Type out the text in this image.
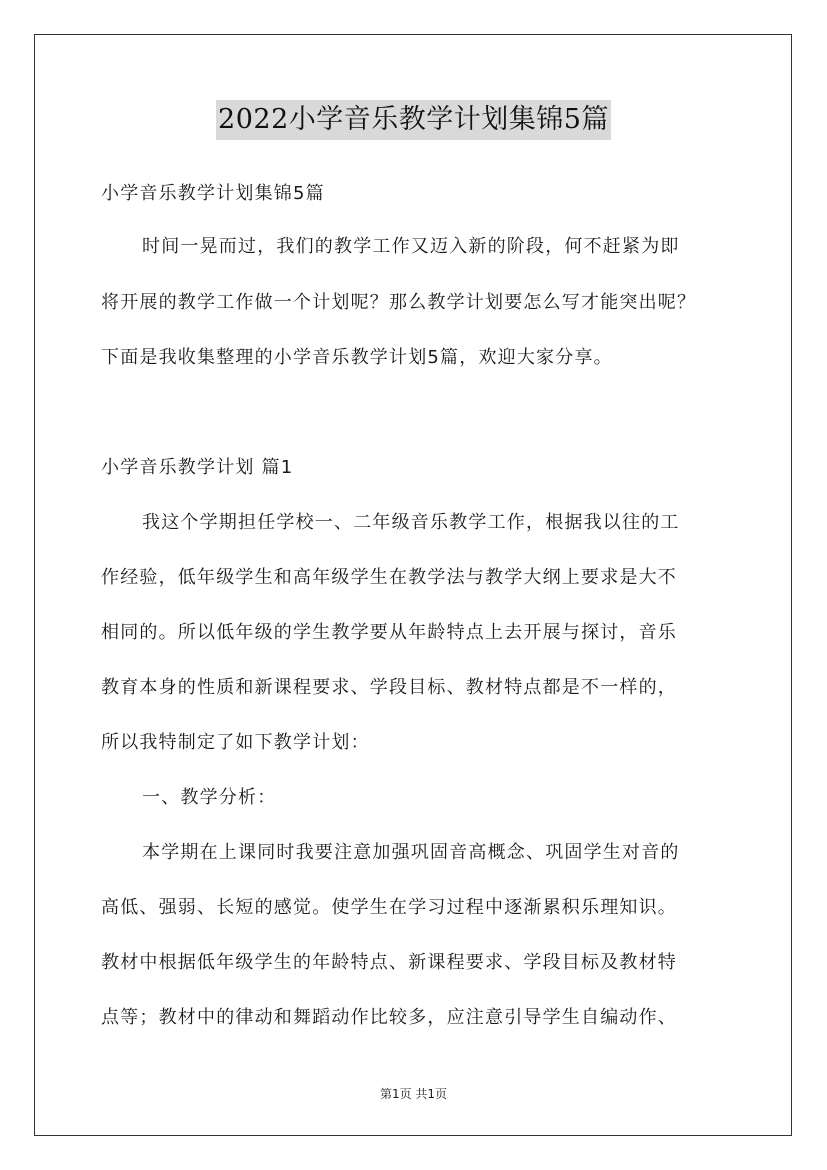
2022小学音乐教学计划集锦5篇
小学音乐教学计划集锦5篇
时间一晃而过，我们的教学工作又迈入新的阶段，何不赶紧为即
将开展的教学工作做一个计划呢？那么教学计划要怎么写才能突出呢？
下面是我收集整理的小学音乐教学计划5篇，欢迎大家分享。
小学音乐教学计划 篇1
我这个学期担任学校一、二年级音乐教学工作，根据我以往的工
作经验，低年级学生和高年级学生在教学法与教学大纲上要求是大不
相同的。所以低年级的学生教学要从年龄特点上去开展与探讨，音乐
教育本身的性质和新课程要求、学段目标、教材特点都是不一样的，
所以我特制定了如下教学计划：
一、教学分析：
本学期在上课同时我要注意加强巩固音高概念、巩固学生对音的
高低、强弱、长短的感觉。使学生在学习过程中逐渐累积乐理知识。
教材中根据低年级学生的年龄特点、新课程要求、学段目标及教材特
点等；教材中的律动和舞蹈动作比较多，应注意引导学生自编动作、
第1页 共1页
